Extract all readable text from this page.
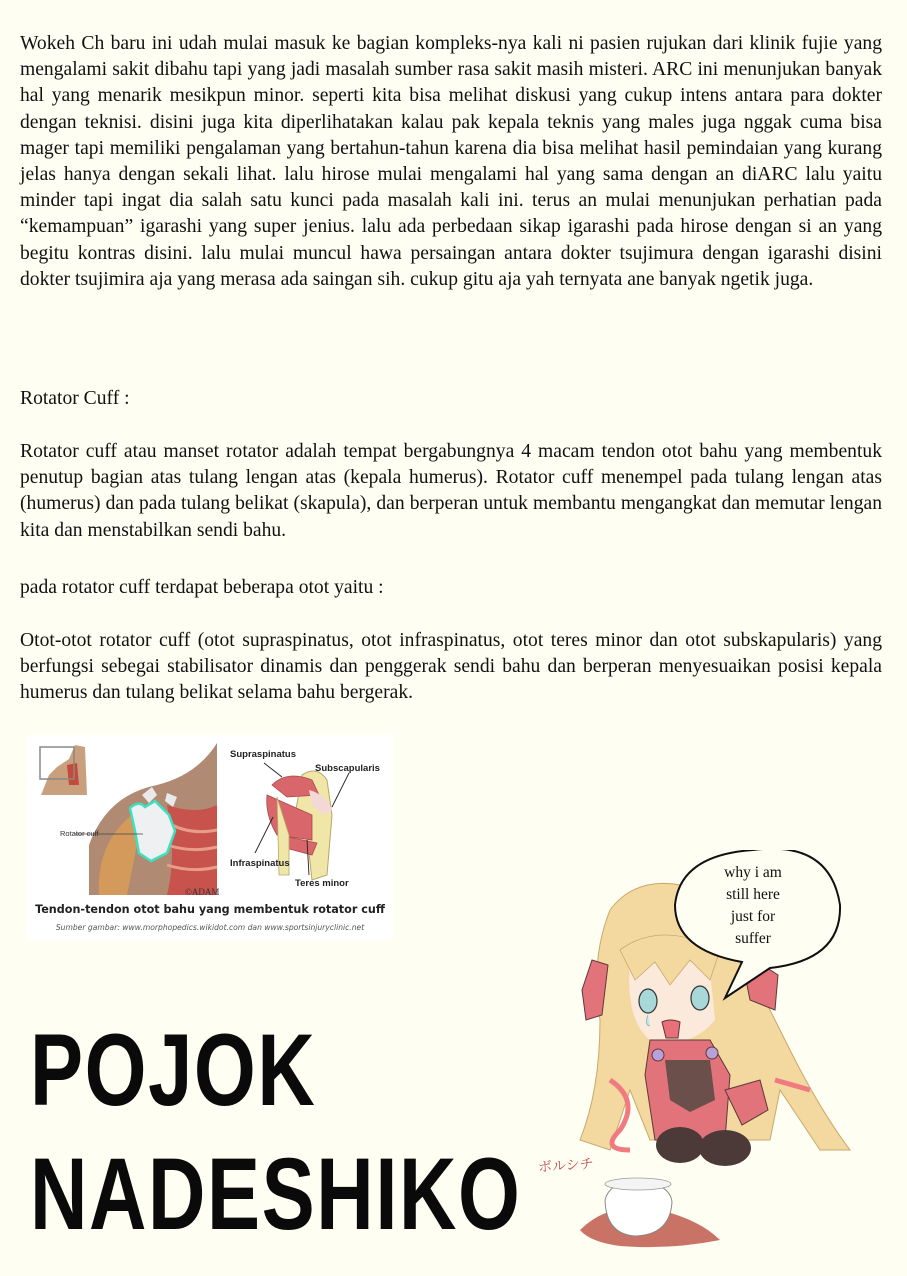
Wokeh Ch baru ini udah mulai masuk ke bagian kompleks-nya kali ni pasien rujukan dari klinik fujie yang mengalami sakit dibahu tapi yang jadi masalah sumber rasa sakit masih misteri. ARC ini menunjukan banyak hal yang menarik mesikpun minor. seperti kita bisa melihat diskusi yang cukup intens antara para dokter dengan teknisi. disini juga kita diperlihatakan kalau pak kepala teknis yang males juga nggak cuma bisa mager tapi memiliki pengalaman yang bertahun-tahun karena dia bisa melihat hasil pemindaian yang kurang jelas hanya dengan sekali lihat. lalu hirose mulai mengalami hal yang sama dengan an diARC lalu yaitu minder tapi ingat dia salah satu kunci pada masalah kali ini. terus an mulai menunjukan perhatian pada “kemampuan” igarashi yang super jenius. lalu ada perbedaan sikap igarashi pada hirose dengan si an yang begitu kontras disini. lalu mulai muncul hawa persaingan antara dokter tsujimura dengan igarashi disini dokter tsujimira aja yang merasa ada saingan sih. cukup gitu aja yah ternyata ane banyak ngetik juga.
Rotator Cuff :
Rotator cuff atau manset rotator adalah tempat bergabungnya 4 macam tendon otot bahu yang membentuk penutup bagian atas tulang lengan atas (kepala humerus). Rotator cuff menempel pada tulang lengan atas (humerus) dan pada tulang belikat (skapula), dan berperan untuk membantu mengangkat dan memutar lengan kita dan menstabilkan sendi bahu.
pada rotator cuff terdapat beberapa otot yaitu :
Otot-otot rotator cuff (otot supraspinatus, otot infraspinatus, otot teres minor dan otot subskapularis) yang berfungsi sebegai stabilisator dinamis dan penggerak sendi bahu dan berperan menyesuaikan posisi kepala humerus dan tulang belikat selama bahu bergerak.
Supraspinatus
Subscapularis
Rotator cuff
Infraspinatus
Teres minor
©ADAM
Tendon-tendon otot bahu yang membentuk rotator cuff
Sumber gambar: www.morphopedics.wikidot.com dan www.sportsinjuryclinic.net
POJOK
NADESHIKO
why i am
still here
just for
suffer
ボルシチ
